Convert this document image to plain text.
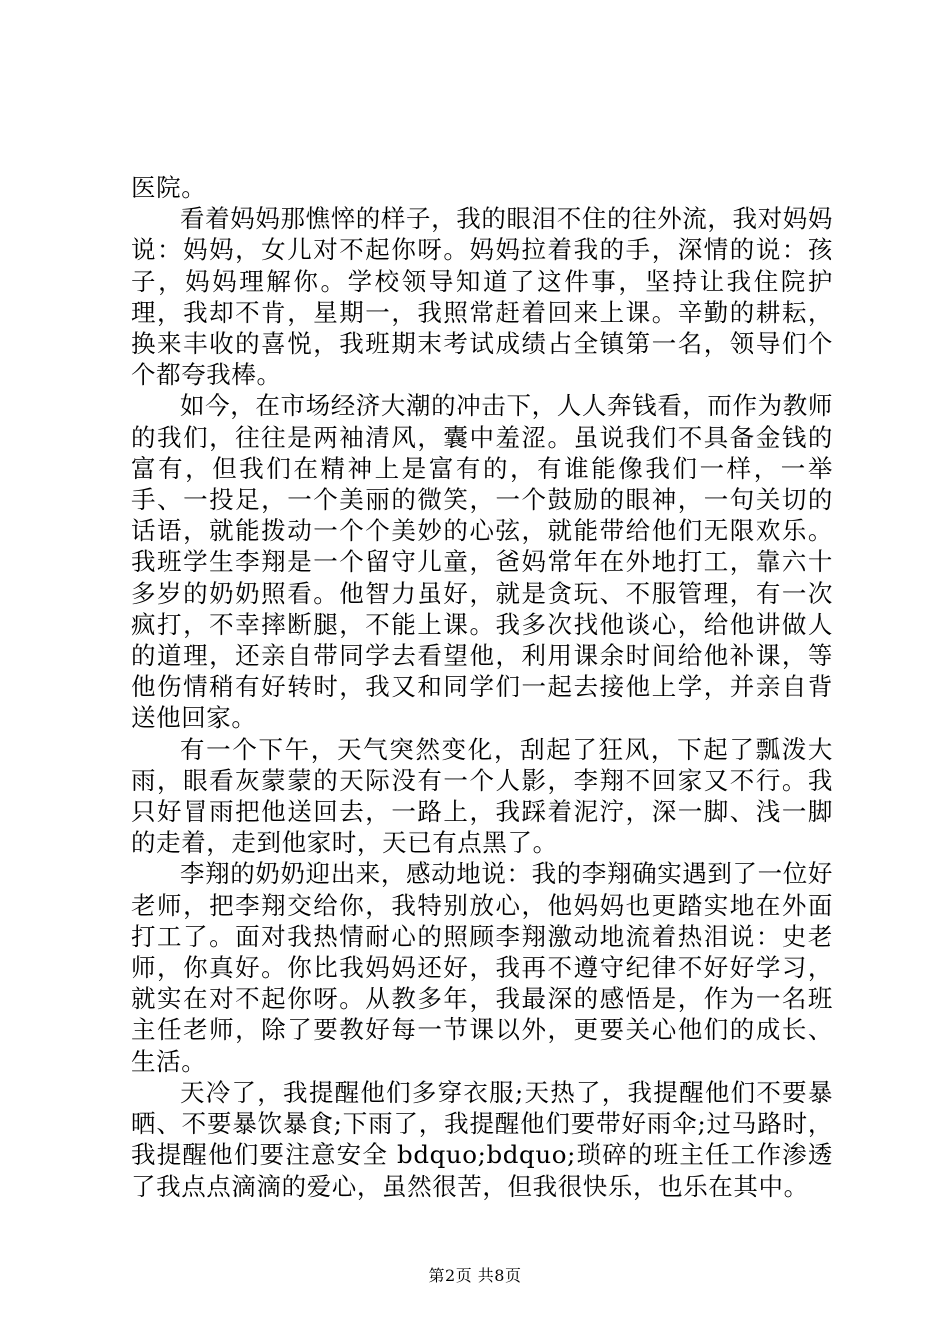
医院。

看着妈妈那憔悴的样子，我的眼泪不住的往外流，我对妈妈说：妈妈，女儿对不起你呀。妈妈拉着我的手，深情的说：孩子，妈妈理解你。学校领导知道了这件事，坚持让我住院护理，我却不肯，星期一，我照常赶着回来上课。辛勤的耕耘，换来丰收的喜悦，我班期末考试成绩占全镇第一名，领导们个个都夸我棒。

如今，在市场经济大潮的冲击下，人人奔钱看，而作为教师的我们，往往是两袖清风，囊中羞涩。虽说我们不具备金钱的富有，但我们在精神上是富有的，有谁能像我们一样，一举手、一投足，一个美丽的微笑，一个鼓励的眼神，一句关切的话语，就能拨动一个个美妙的心弦，就能带给他们无限欢乐。我班学生李翔是一个留守儿童，爸妈常年在外地打工，靠六十多岁的奶奶照看。他智力虽好，就是贪玩、不服管理，有一次疯打，不幸摔断腿，不能上课。我多次找他谈心，给他讲做人的道理，还亲自带同学去看望他，利用课余时间给他补课，等他伤情稍有好转时，我又和同学们一起去接他上学，并亲自背送他回家。

有一个下午，天气突然变化，刮起了狂风，下起了瓢泼大雨，眼看灰蒙蒙的天际没有一个人影，李翔不回家又不行。我只好冒雨把他送回去，一路上，我踩着泥泞，深一脚、浅一脚的走着，走到他家时，天已有点黑了。

李翔的奶奶迎出来，感动地说：我的李翔确实遇到了一位好老师，把李翔交给你，我特别放心，他妈妈也更踏实地在外面打工了。面对我热情耐心的照顾李翔激动地流着热泪说：史老师，你真好。你比我妈妈还好，我再不遵守纪律不好好学习，就实在对不起你呀。从教多年，我最深的感悟是，作为一名班主任老师，除了要教好每一节课以外，更要关心他们的成长、生活。

天冷了，我提醒他们多穿衣服;天热了，我提醒他们不要暴晒、不要暴饮暴食;下雨了，我提醒他们要带好雨伞;过马路时，我提醒他们要注意安全 bdquo;bdquo;琐碎的班主任工作渗透了我点点滴滴的爱心，虽然很苦，但我很快乐，也乐在其中。

第2页 共8页
